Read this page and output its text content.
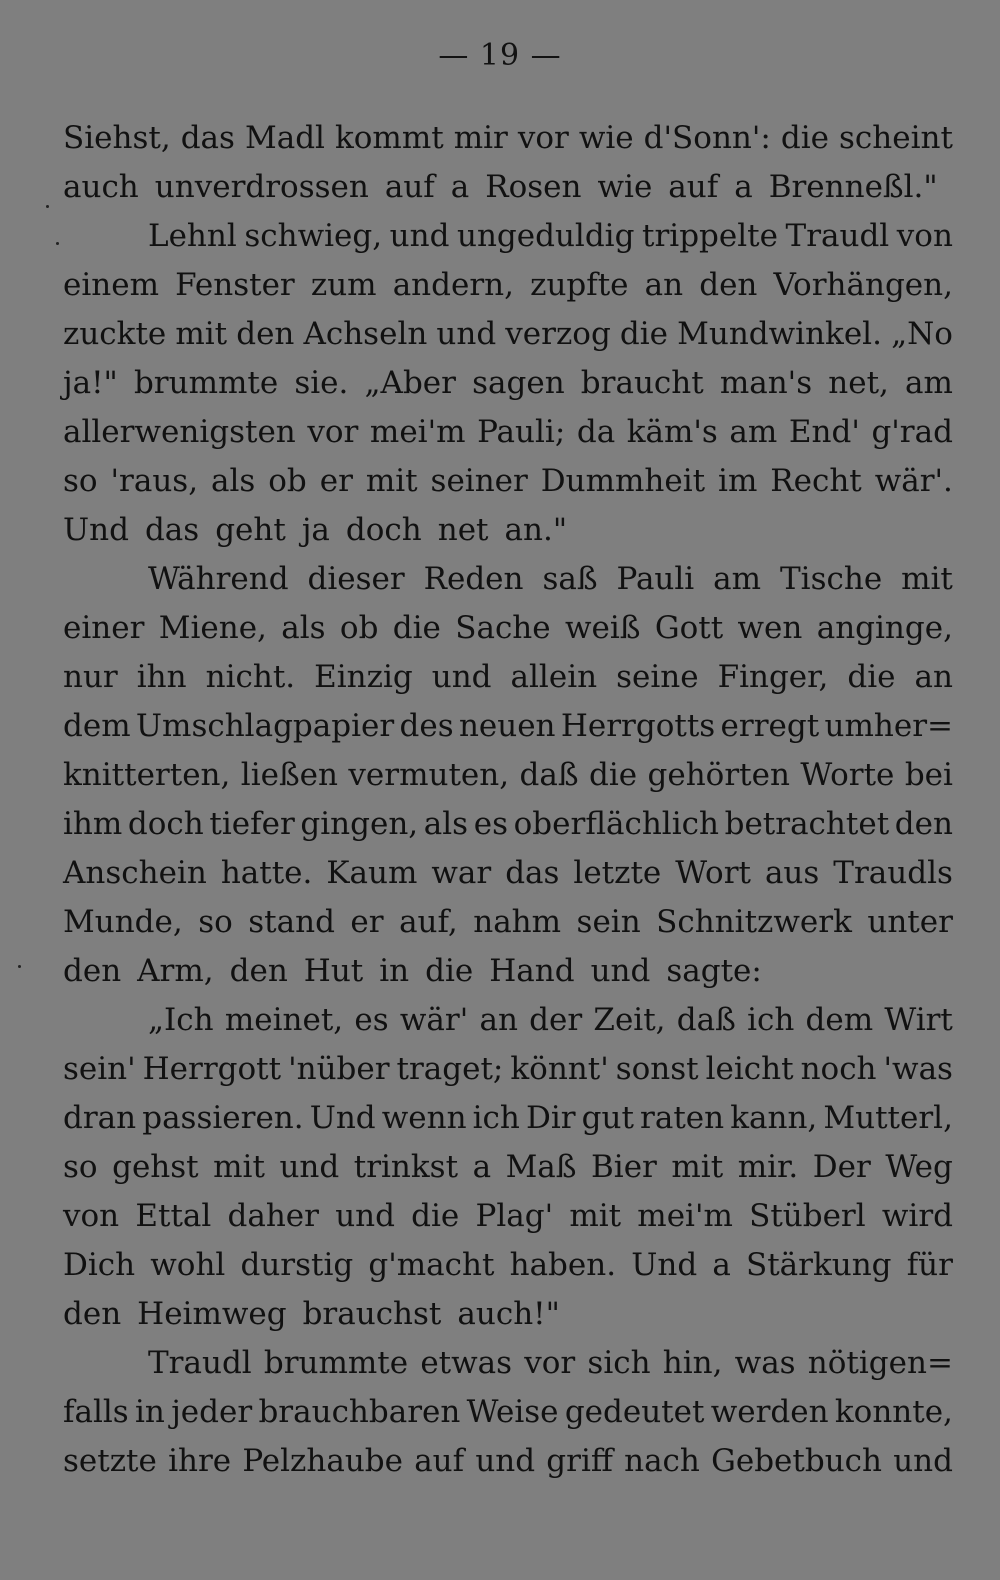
— 19 —
Siehst, das Madl kommt mir vor wie d'Sonn': die scheint
auch unverdrossen auf a Rosen wie auf a Brenneßl."
Lehnl schwieg, und ungeduldig trippelte Traudl von
einem Fenster zum andern, zupfte an den Vorhängen,
zuckte mit den Achseln und verzog die Mundwinkel. „No
ja!" brummte sie. „Aber sagen braucht man's net, am
allerwenigsten vor mei'm Pauli; da käm's am End' g'rad
so 'raus, als ob er mit seiner Dummheit im Recht wär'.
Und das geht ja doch net an."
Während dieser Reden saß Pauli am Tische mit
einer Miene, als ob die Sache weiß Gott wen anginge,
nur ihn nicht. Einzig und allein seine Finger, die an
dem Umschlagpapier des neuen Herrgotts erregt umher=
knitterten, ließen vermuten, daß die gehörten Worte bei
ihm doch tiefer gingen, als es oberflächlich betrachtet den
Anschein hatte. Kaum war das letzte Wort aus Traudls
Munde, so stand er auf, nahm sein Schnitzwerk unter
den Arm, den Hut in die Hand und sagte:
„Ich meinet, es wär' an der Zeit, daß ich dem Wirt
sein' Herrgott 'nüber traget; könnt' sonst leicht noch 'was
dran passieren. Und wenn ich Dir gut raten kann, Mutterl,
so gehst mit und trinkst a Maß Bier mit mir. Der Weg
von Ettal daher und die Plag' mit mei'm Stüberl wird
Dich wohl durstig g'macht haben. Und a Stärkung für
den Heimweg brauchst auch!"
Traudl brummte etwas vor sich hin, was nötigen=
falls in jeder brauchbaren Weise gedeutet werden konnte,
setzte ihre Pelzhaube auf und griff nach Gebetbuch und
